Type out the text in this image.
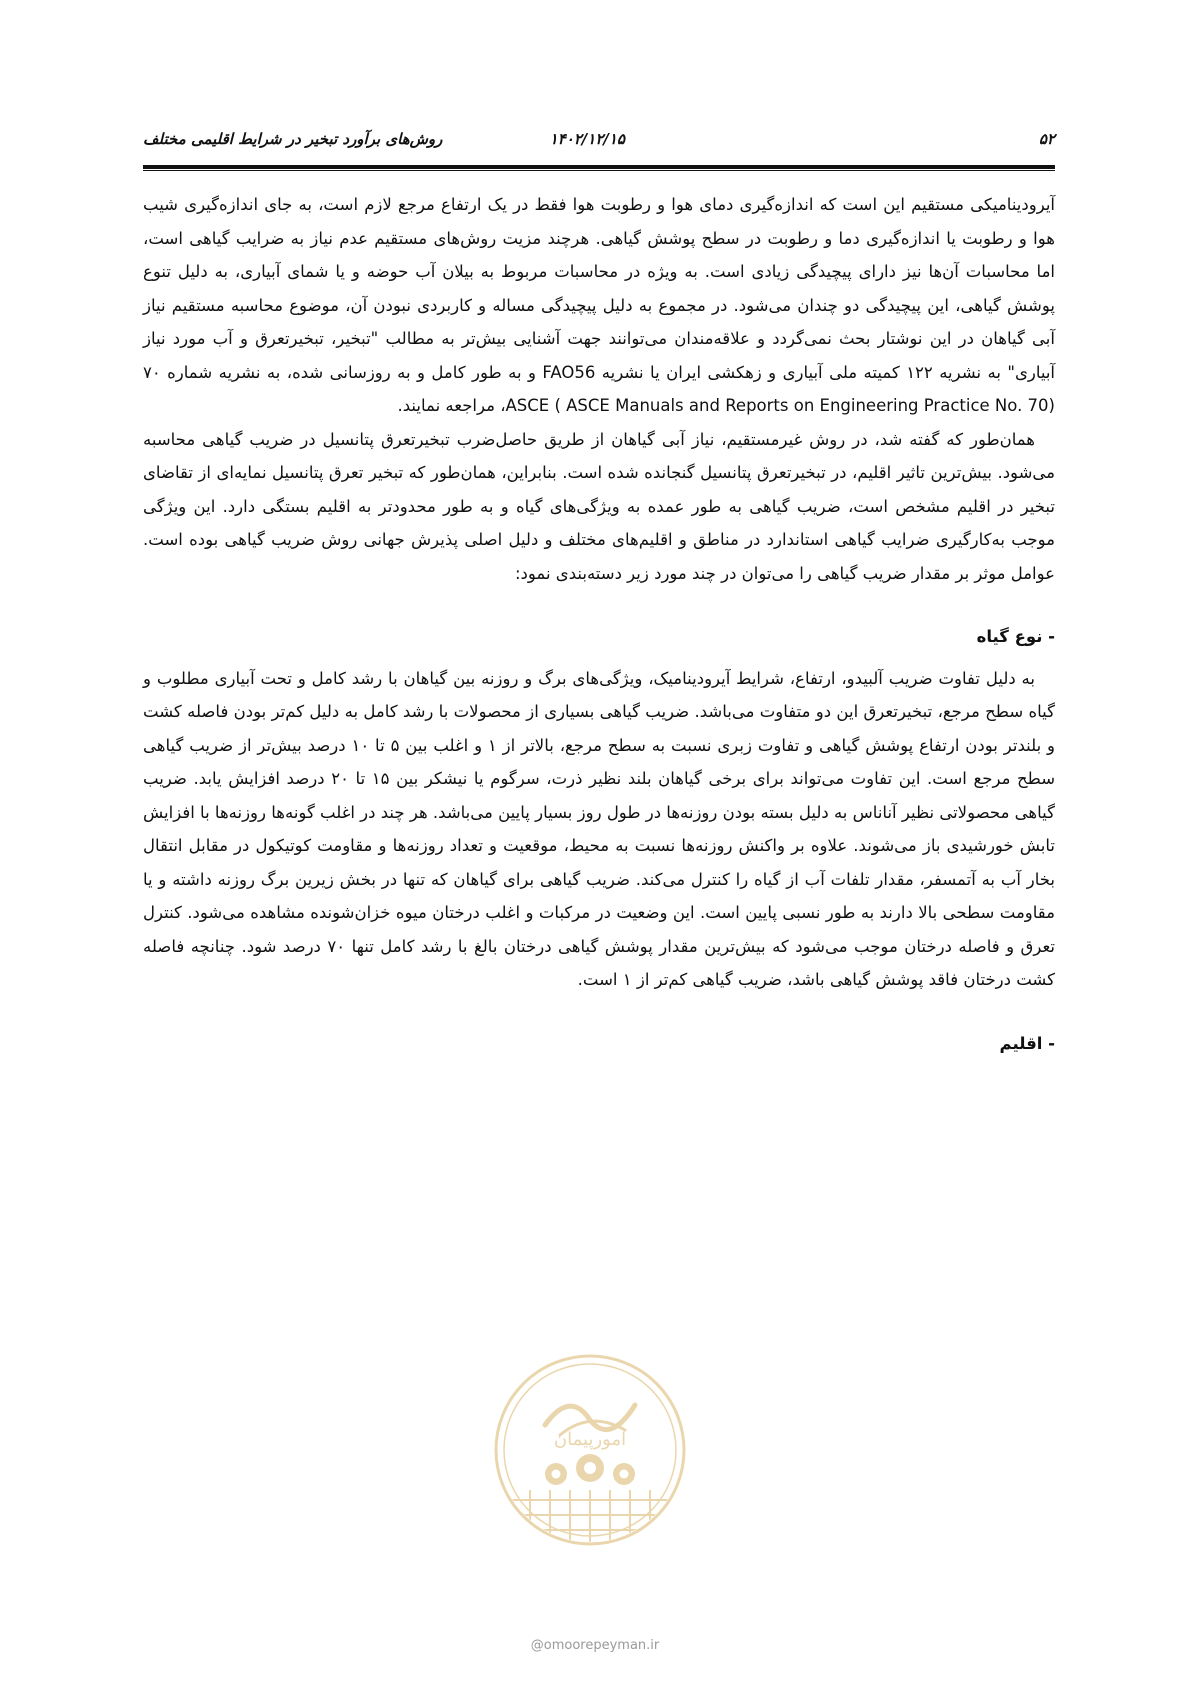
۵۲
۱۴۰۲/۱۲/۱۵
روش‌های برآورد تبخیر در شرایط اقلیمی مختلف

آیرودینامیکی مستقیم این است که اندازه‌گیری دمای هوا و رطوبت هوا فقط در یک ارتفاع مرجع لازم است، به جای اندازه‌گیری شیب هوا و رطوبت یا اندازه‌گیری دما و رطوبت در سطح پوشش گیاهی. هرچند مزیت روش‌های مستقیم عدم نیاز به ضرایب گیاهی است، اما محاسبات آن‌ها نیز دارای پیچیدگی زیادی است. به ویژه در محاسبات مربوط به بیلان آب حوضه و یا شمای آبیاری، به دلیل تنوع پوشش گیاهی، این پیچیدگی دو چندان می‌شود. در مجموع به دلیل پیچیدگی مساله و کاربردی نبودن آن، موضوع محاسبه مستقیم نیاز آبی گیاهان در این نوشتار بحث نمی‌گردد و علاقه‌مندان می‌توانند جهت آشنایی بیش‌تر به مطالب "تبخیر، تبخیرتعرق و آب مورد نیاز آبیاری" به نشریه ۱۲۲ کمیته ملی آبیاری و زهکشی ایران یا نشریه FAO56 و به طور کامل و به روزسانی شده، به نشریه شماره ۷۰ ASCE ( ASCE Manuals and Reports on Engineering Practice No. 70)، مراجعه نمایند.

همان‌طور که گفته شد، در روش غیرمستقیم، نیاز آبی گیاهان از طریق حاصل‌ضرب تبخیرتعرق پتانسیل در ضریب گیاهی محاسبه می‌شود. بیش‌ترین تاثیر اقلیم، در تبخیرتعرق پتانسیل گنجانده شده است. بنابراین، همان‌طور که تبخیر تعرق پتانسیل نمایه‌ای از تقاضای تبخیر در اقلیم مشخص است، ضریب گیاهی به طور عمده به ویژگی‌های گیاه و به طور محدودتر به اقلیم بستگی دارد. این ویژگی موجب به‌کارگیری ضرایب گیاهی استاندارد در مناطق و اقلیم‌های مختلف و دلیل اصلی پذیرش جهانی روش ضریب گیاهی بوده است. عوامل موثر بر مقدار ضریب گیاهی را می‌توان در چند مورد زیر دسته‌بندی نمود:

- نوع گیاه

به دلیل تفاوت ضریب آلبیدو، ارتفاع، شرایط آیرودینامیک، ویژگی‌های برگ و روزنه بین گیاهان با رشد کامل و تحت آبیاری مطلوب و گیاه سطح مرجع، تبخیرتعرق این دو متفاوت می‌باشد. ضریب گیاهی بسیاری از محصولات با رشد کامل به دلیل کم‌تر بودن فاصله کشت و بلندتر بودن ارتفاع پوشش گیاهی و تفاوت زبری نسبت به سطح مرجع، بالاتر از ۱ و اغلب بین ۵ تا ۱۰ درصد بیش‌تر از ضریب گیاهی سطح مرجع است. این تفاوت می‌تواند برای برخی گیاهان بلند نظیر ذرت، سرگوم یا نیشکر بین ۱۵ تا ۲۰ درصد افزایش یابد. ضریب گیاهی محصولاتی نظیر آناناس به دلیل بسته بودن روزنه‌ها در طول روز بسیار پایین می‌باشد. هر چند در اغلب گونه‌ها روزنه‌ها با افزایش تابش خورشیدی باز می‌شوند. علاوه بر واکنش روزنه‌ها نسبت به محیط، موقعیت و تعداد روزنه‌ها و مقاومت کوتیکول در مقابل انتقال بخار آب به آتمسفر، مقدار تلفات آب از گیاه را کنترل می‌کند. ضریب گیاهی برای گیاهان که تنها در بخش زیرین برگ روزنه داشته و یا مقاومت سطحی بالا دارند به طور نسبی پایین است. این وضعیت در مرکبات و اغلب درختان میوه خزان‌شونده مشاهده می‌شود. کنترل تعرق و فاصله درختان موجب می‌شود که بیش‌ترین مقدار پوشش گیاهی درختان بالغ با رشد کامل تنها ۷۰ درصد شود. چنانچه فاصله کشت درختان فاقد پوشش گیاهی باشد، ضریب گیاهی کم‌تر از ۱ است.

- اقلیم
امورپیمان
@omoorepeyman.ir
